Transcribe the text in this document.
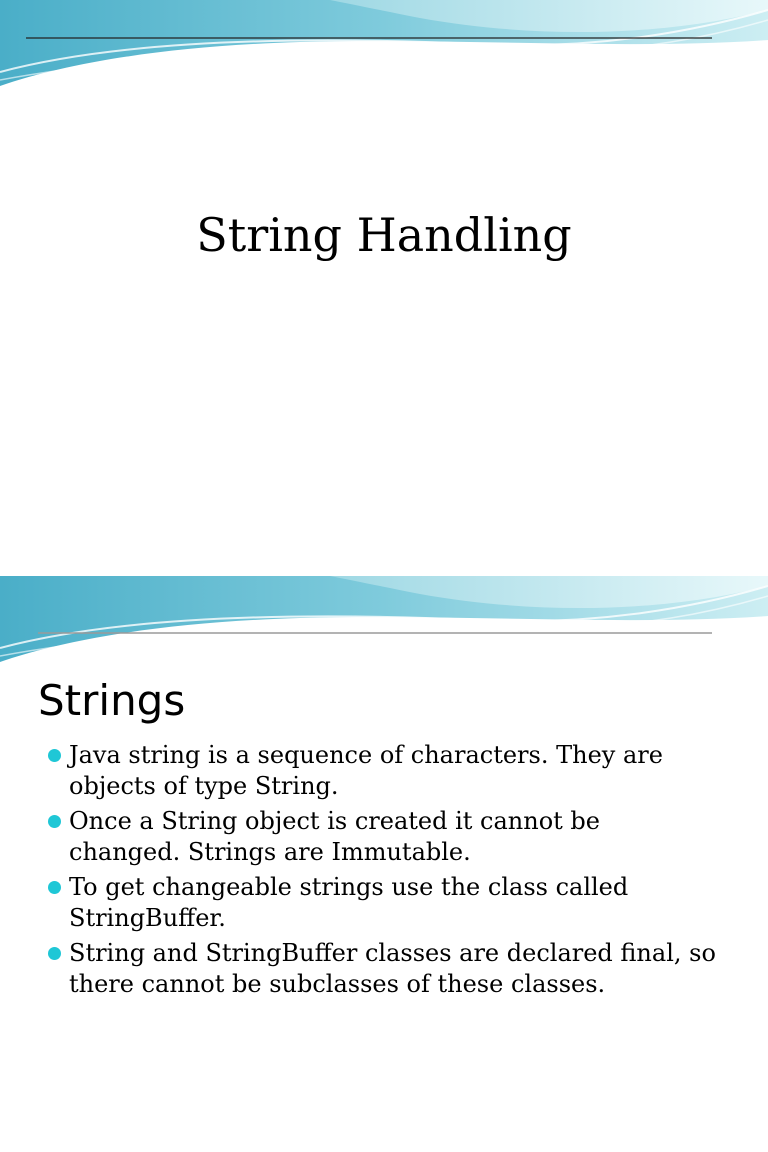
String Handling
Strings
Java string is a sequence of characters. They are objects of type String.
Once a String object is created it cannot be changed. Strings are Immutable.
To get changeable strings use the class called StringBuffer.
String and StringBuffer classes are declared final, so there cannot be subclasses of these classes.
